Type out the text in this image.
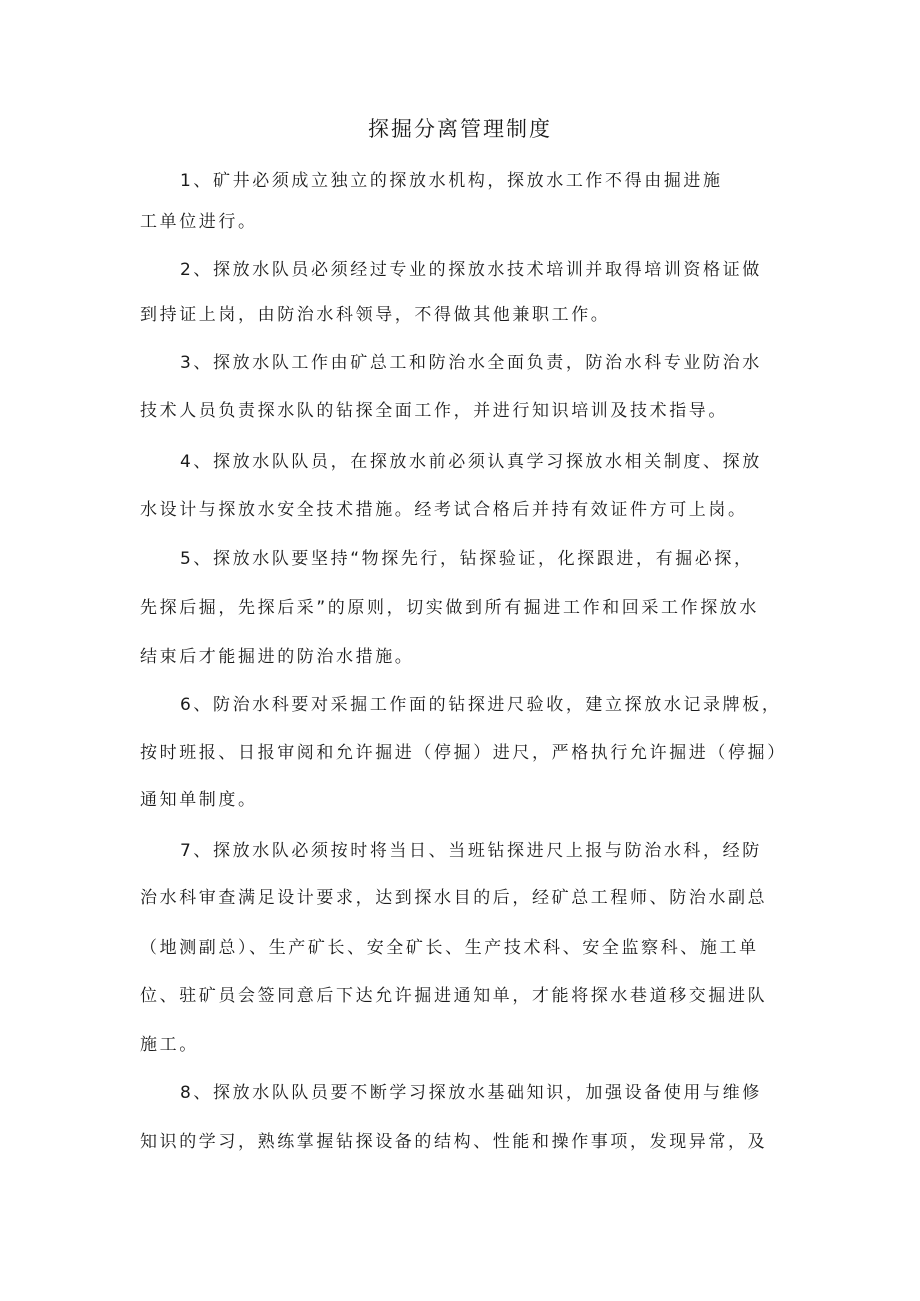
探掘分离管理制度
1、矿井必须成立独立的探放水机构，探放水工作不得由掘进施
工单位进行。
2、探放水队员必须经过专业的探放水技术培训并取得培训资格证做
到持证上岗，由防治水科领导，不得做其他兼职工作。
3、探放水队工作由矿总工和防治水全面负责，防治水科专业防治水
技术人员负责探水队的钻探全面工作，并进行知识培训及技术指导。
4、探放水队队员，在探放水前必须认真学习探放水相关制度、探放
水设计与探放水安全技术措施。经考试合格后并持有效证件方可上岗。
5、探放水队要坚持“物探先行，钻探验证，化探跟进，有掘必探，
先探后掘，先探后采”的原则，切实做到所有掘进工作和回采工作探放水
结束后才能掘进的防治水措施。
6、防治水科要对采掘工作面的钻探进尺验收，建立探放水记录牌板，
按时班报、日报审阅和允许掘进（停掘）进尺，严格执行允许掘进（停掘）
通知单制度。
7、探放水队必须按时将当日、当班钻探进尺上报与防治水科，经防
治水科审查满足设计要求，达到探水目的后，经矿总工程师、防治水副总
（地测副总）、生产矿长、安全矿长、生产技术科、安全监察科、施工单
位、驻矿员会签同意后下达允许掘进通知单，才能将探水巷道移交掘进队
施工。
8、探放水队队员要不断学习探放水基础知识，加强设备使用与维修
知识的学习，熟练掌握钻探设备的结构、性能和操作事项，发现异常，及
